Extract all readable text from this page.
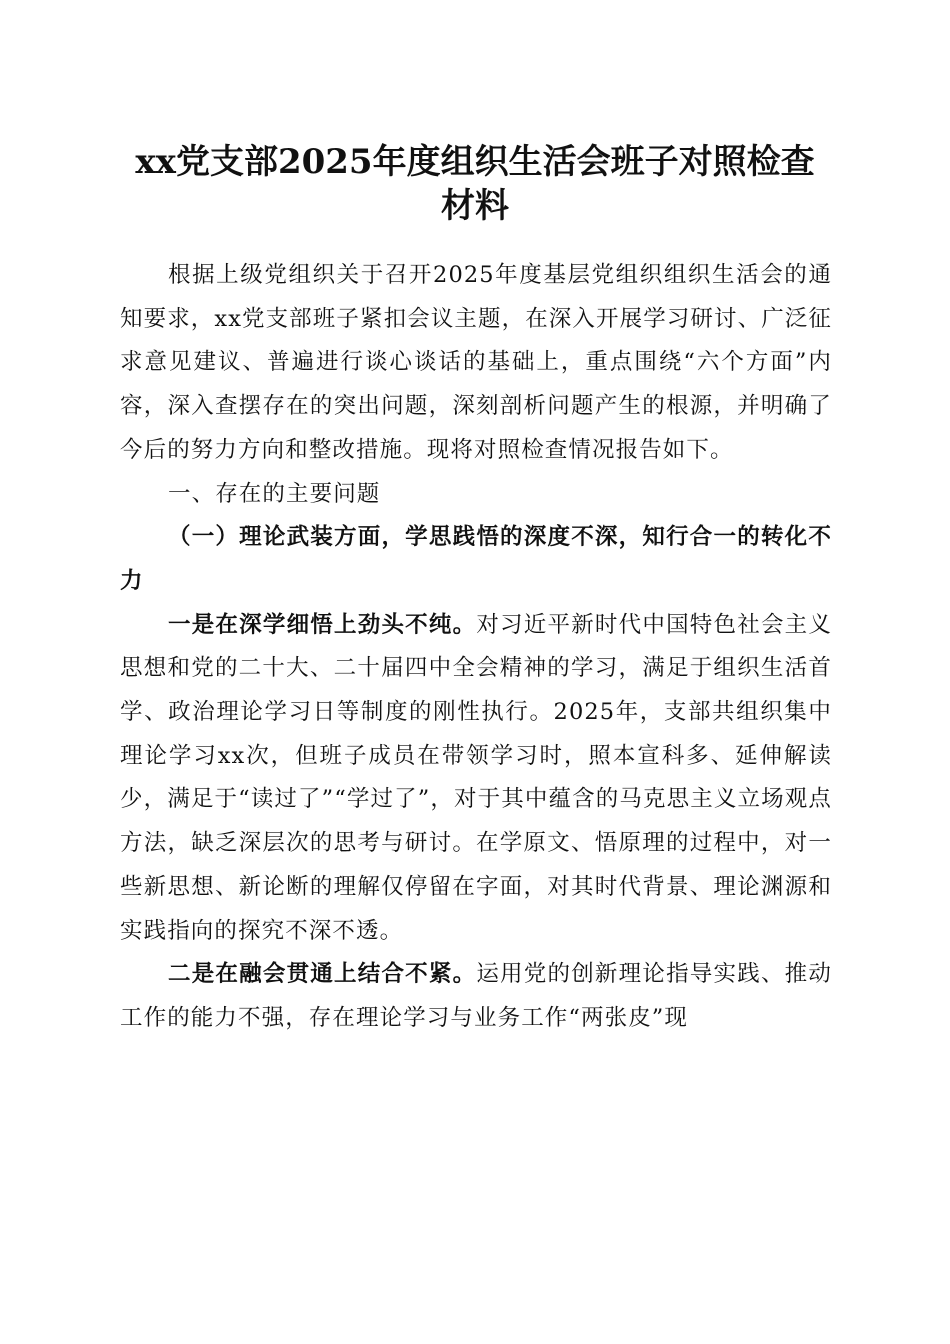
xx党支部2025年度组织生活会班子对照检查
材料

根据上级党组织关于召开2025年度基层党组织组织生活会的通知要求，xx党支部班子紧扣会议主题，在深入开展学习研讨、广泛征求意见建议、普遍进行谈心谈话的基础上，重点围绕“六个方面”内容，深入查摆存在的突出问题，深刻剖析问题产生的根源，并明确了今后的努力方向和整改措施。现将对照检查情况报告如下。

一、存在的主要问题

（一）理论武装方面，学思践悟的深度不深，知行合一的转化不力

一是在深学细悟上劲头不纯。对习近平新时代中国特色社会主义思想和党的二十大、二十届四中全会精神的学习，满足于组织生活首学、政治理论学习日等制度的刚性执行。2025年，支部共组织集中理论学习xx次，但班子成员在带领学习时，照本宣科多、延伸解读少，满足于“读过了”“学过了”，对于其中蕴含的马克思主义立场观点方法，缺乏深层次的思考与研讨。在学原文、悟原理的过程中，对一些新思想、新论断的理解仅停留在字面，对其时代背景、理论渊源和实践指向的探究不深不透。

二是在融会贯通上结合不紧。运用党的创新理论指导实践、推动工作的能力不强，存在理论学习与业务工作“两张皮”现
